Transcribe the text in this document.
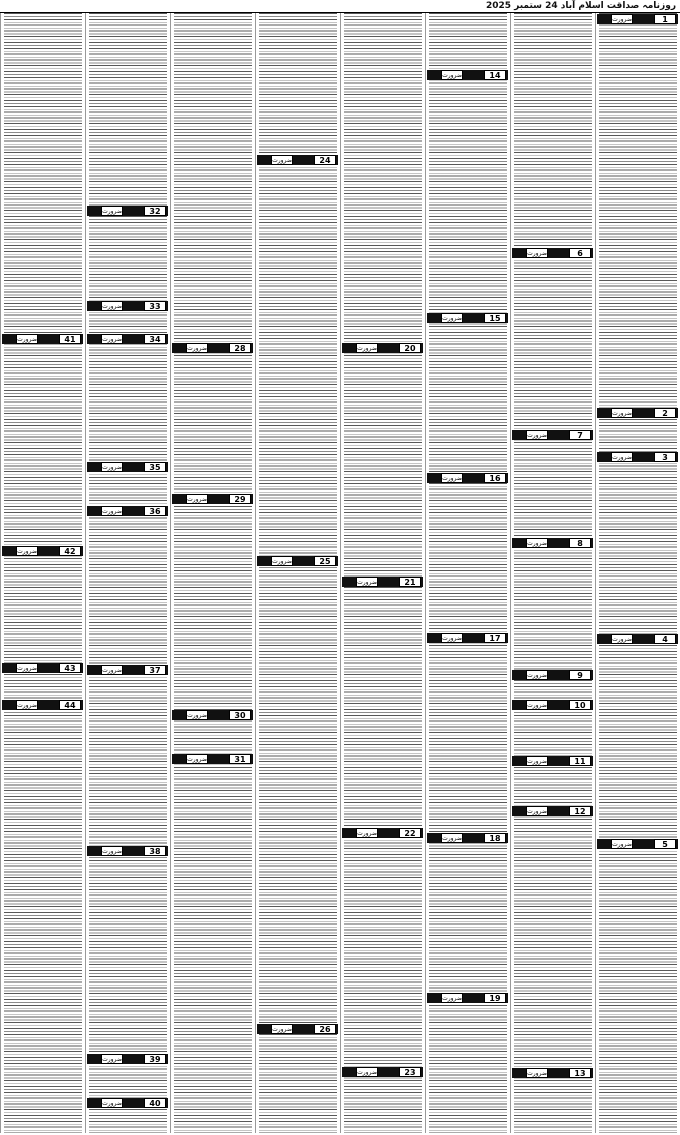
روزنامہ صداقت اسلام آباد 24 ستمبر 2025
1
ضرورت
2
ضرورت
3
ضرورت
4
ضرورت
5
ضرورت
6
ضرورت
7
ضرورت
8
ضرورت
9
ضرورت
10
ضرورت
11
ضرورت
12
ضرورت
13
ضرورت
14
ضرورت
15
ضرورت
16
ضرورت
17
ضرورت
18
ضرورت
19
ضرورت
20
ضرورت
21
ضرورت
22
ضرورت
23
ضرورت
24
ضرورت
25
ضرورت
26
ضرورت
28
ضرورت
29
ضرورت
30
ضرورت
31
ضرورت
32
ضرورت
33
ضرورت
34
ضرورت
35
ضرورت
36
ضرورت
37
ضرورت
38
ضرورت
39
ضرورت
40
ضرورت
41
ضرورت
42
ضرورت
43
ضرورت
44
ضرورت
